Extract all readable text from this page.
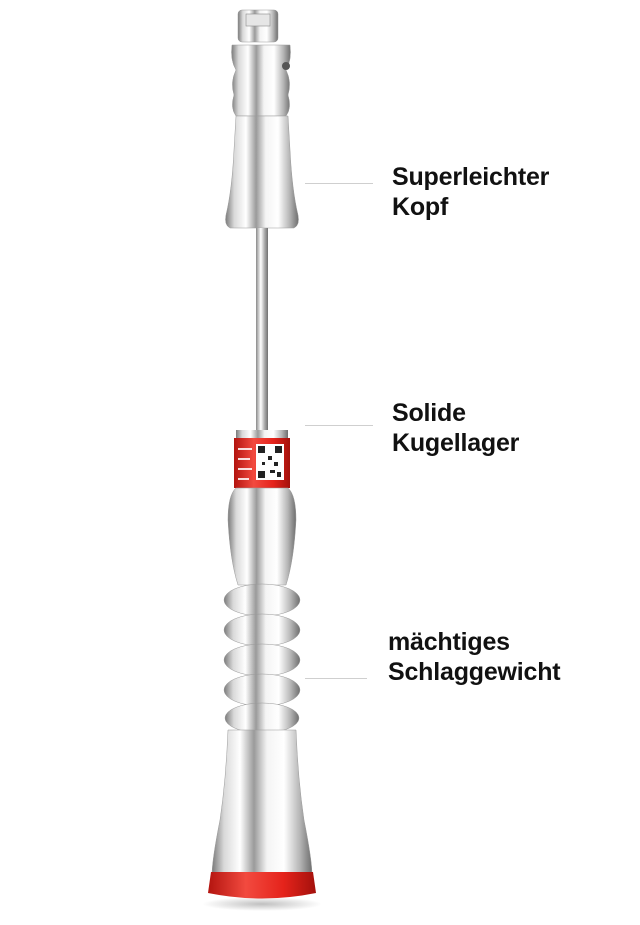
Superleichter
Kopf
Solide
Kugellager
mächtiges
Schlaggewicht
